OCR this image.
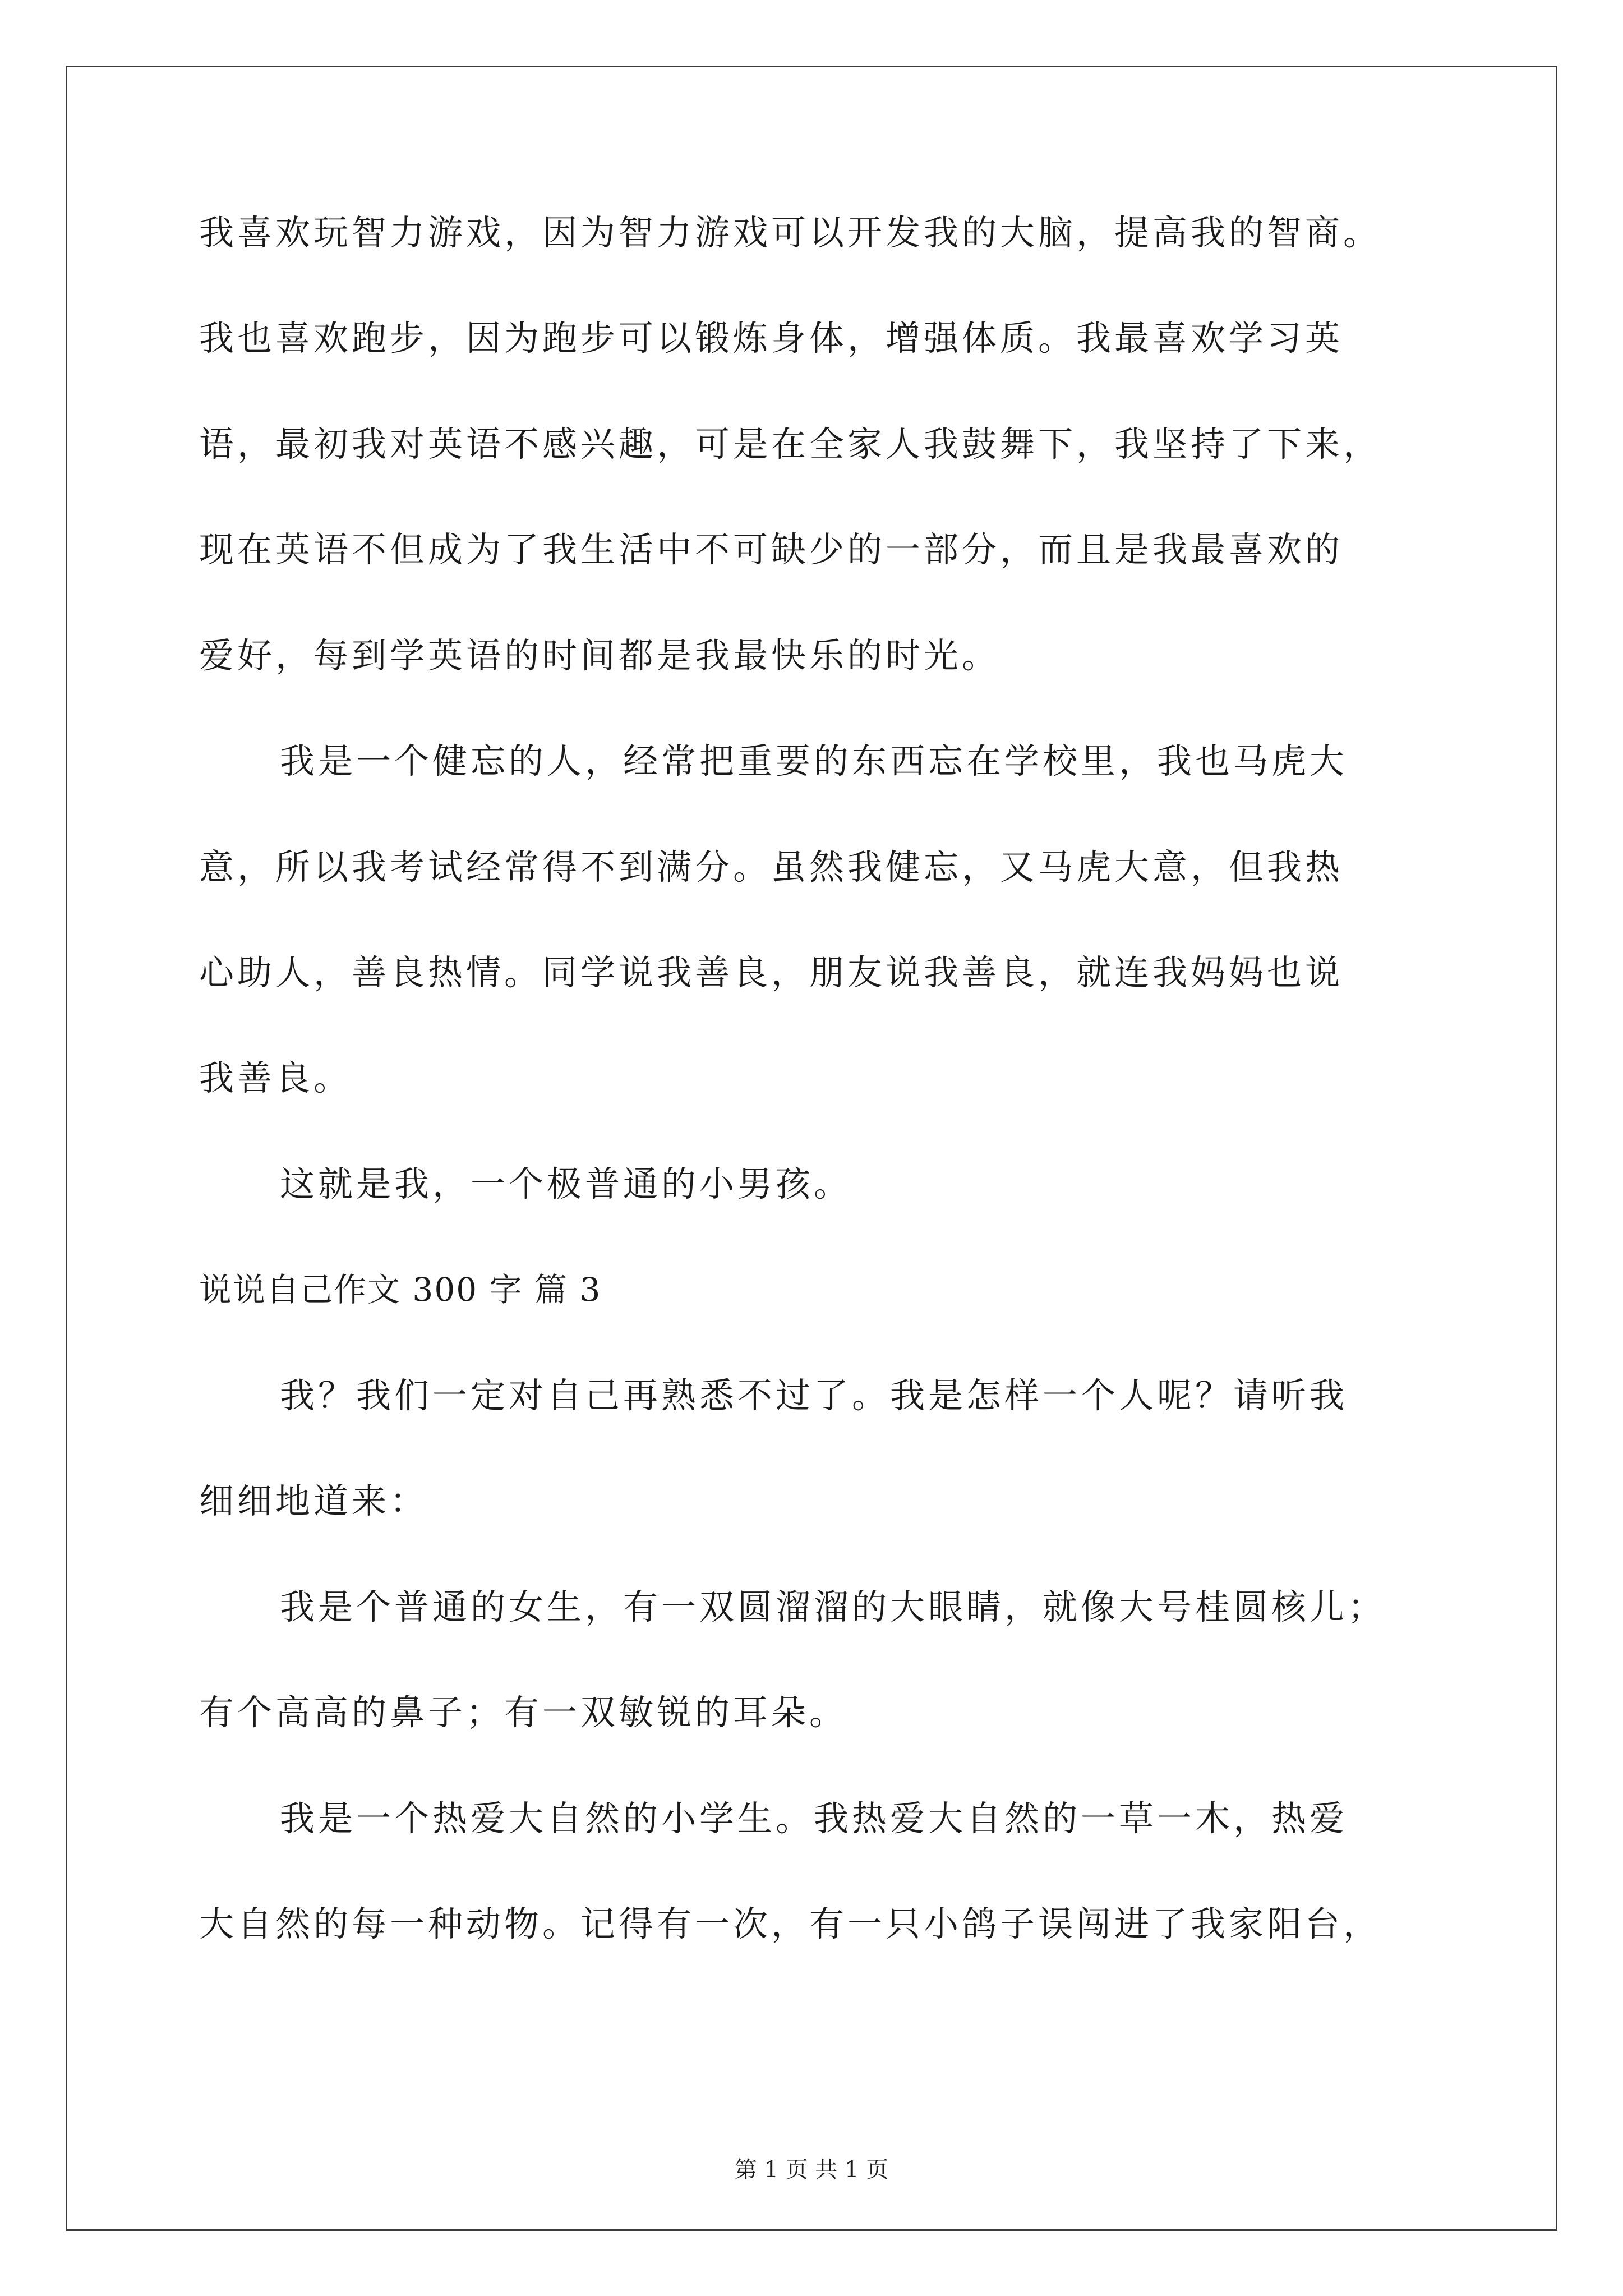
我喜欢玩智力游戏，因为智力游戏可以开发我的大脑，提高我的智商。
我也喜欢跑步，因为跑步可以锻炼身体，增强体质。我最喜欢学习英
语，最初我对英语不感兴趣，可是在全家人我鼓舞下，我坚持了下来，
现在英语不但成为了我生活中不可缺少的一部分，而且是我最喜欢的
爱好，每到学英语的时间都是我最快乐的时光。
我是一个健忘的人，经常把重要的东西忘在学校里，我也马虎大
意，所以我考试经常得不到满分。虽然我健忘，又马虎大意，但我热
心助人，善良热情。同学说我善良，朋友说我善良，就连我妈妈也说
我善良。
这就是我，一个极普通的小男孩。
说说自己作文 300 字 篇 3
我？我们一定对自己再熟悉不过了。我是怎样一个人呢？请听我
细细地道来：
我是个普通的女生，有一双圆溜溜的大眼睛，就像大号桂圆核儿；
有个高高的鼻子；有一双敏锐的耳朵。
我是一个热爱大自然的小学生。我热爱大自然的一草一木，热爱
大自然的每一种动物。记得有一次，有一只小鸽子误闯进了我家阳台，
第 1 页 共 1 页
